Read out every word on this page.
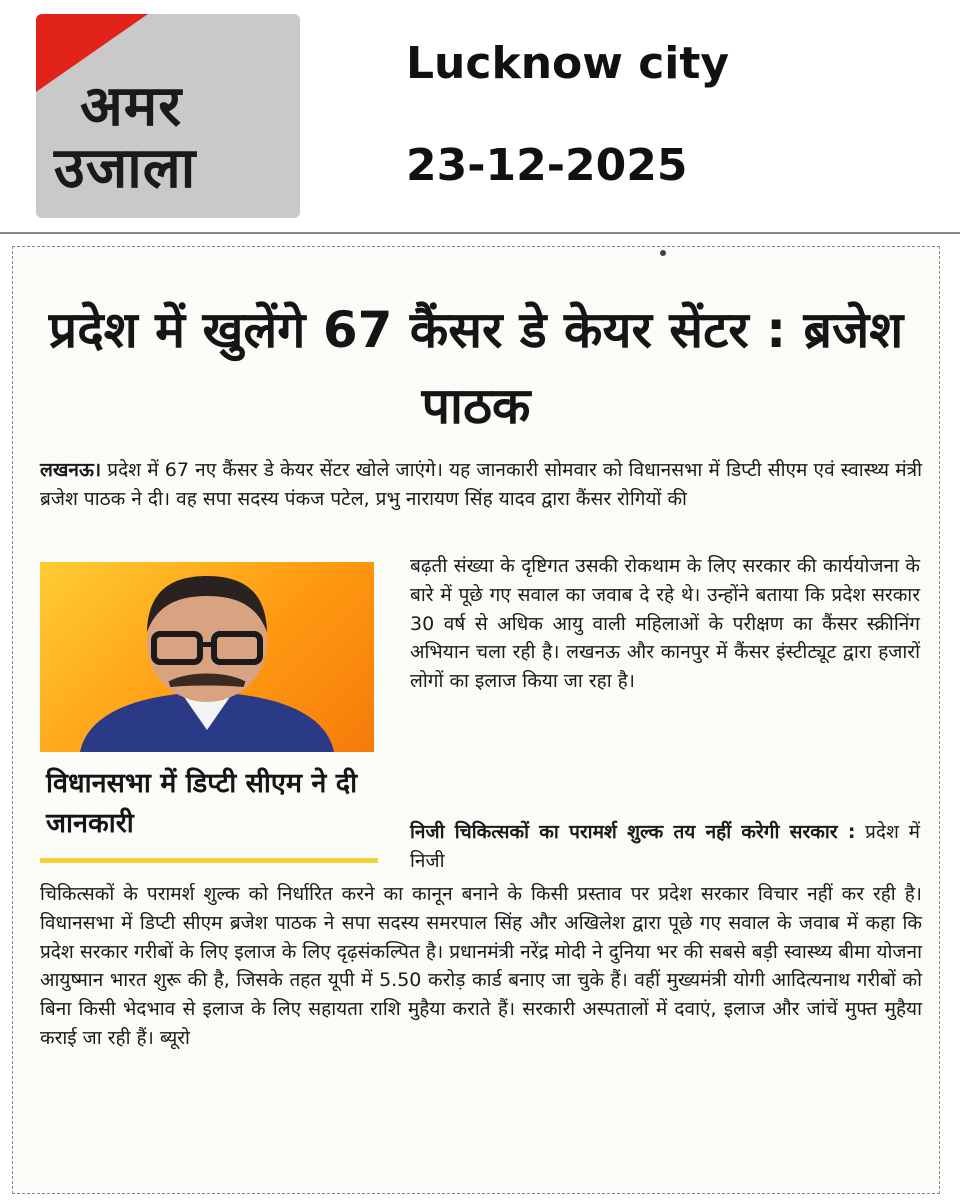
अमर
उजाला
Lucknow city
23-12-2025
प्रदेश में खुलेंगे 67 कैंसर डे केयर सेंटर : ब्रजेश पाठक

लखनऊ। प्रदेश में 67 नए कैंसर डे केयर सेंटर खोले जाएंगे। यह जानकारी सोमवार को विधानसभा में डिप्टी सीएम एवं स्वास्थ्य मंत्री ब्रजेश पाठक ने दी। वह सपा सदस्य पंकज पटेल, प्रभु नारायण सिंह यादव द्वारा कैंसर रोगियों की

विधानसभा में डिप्टी सीएम ने दी जानकारी

बढ़ती संख्या के दृष्टिगत उसकी रोकथाम के लिए सरकार की कार्ययोजना के बारे में पूछे गए सवाल का जवाब दे रहे थे। उन्होंने बताया कि प्रदेश सरकार 30 वर्ष से अधिक आयु वाली महिलाओं के परीक्षण का कैंसर स्क्रीनिंग अभियान चला रही है। लखनऊ और कानपुर में कैंसर इंस्टीट्यूट द्वारा हजारों लोगों का इलाज किया जा रहा है।

निजी चिकित्सकों का परामर्श शुल्क तय नहीं करेगी सरकार : प्रदेश में निजी

चिकित्सकों के परामर्श शुल्क को निर्धारित करने का कानून बनाने के किसी प्रस्ताव पर प्रदेश सरकार विचार नहीं कर रही है। विधानसभा में डिप्टी सीएम ब्रजेश पाठक ने सपा सदस्य समरपाल सिंह और अखिलेश द्वारा पूछे गए सवाल के जवाब में कहा कि प्रदेश सरकार गरीबों के लिए इलाज के लिए दृढ़संकल्पित है। प्रधानमंत्री नरेंद्र मोदी ने दुनिया भर की सबसे बड़ी स्वास्थ्य बीमा योजना आयुष्मान भारत शुरू की है, जिसके तहत यूपी में 5.50 करोड़ कार्ड बनाए जा चुके हैं। वहीं मुख्यमंत्री योगी आदित्यनाथ गरीबों को बिना किसी भेदभाव से इलाज के लिए सहायता राशि मुहैया कराते हैं। सरकारी अस्पतालों में दवाएं, इलाज और जांचें मुफ्त मुहैया कराई जा रही हैं। ब्यूरो
